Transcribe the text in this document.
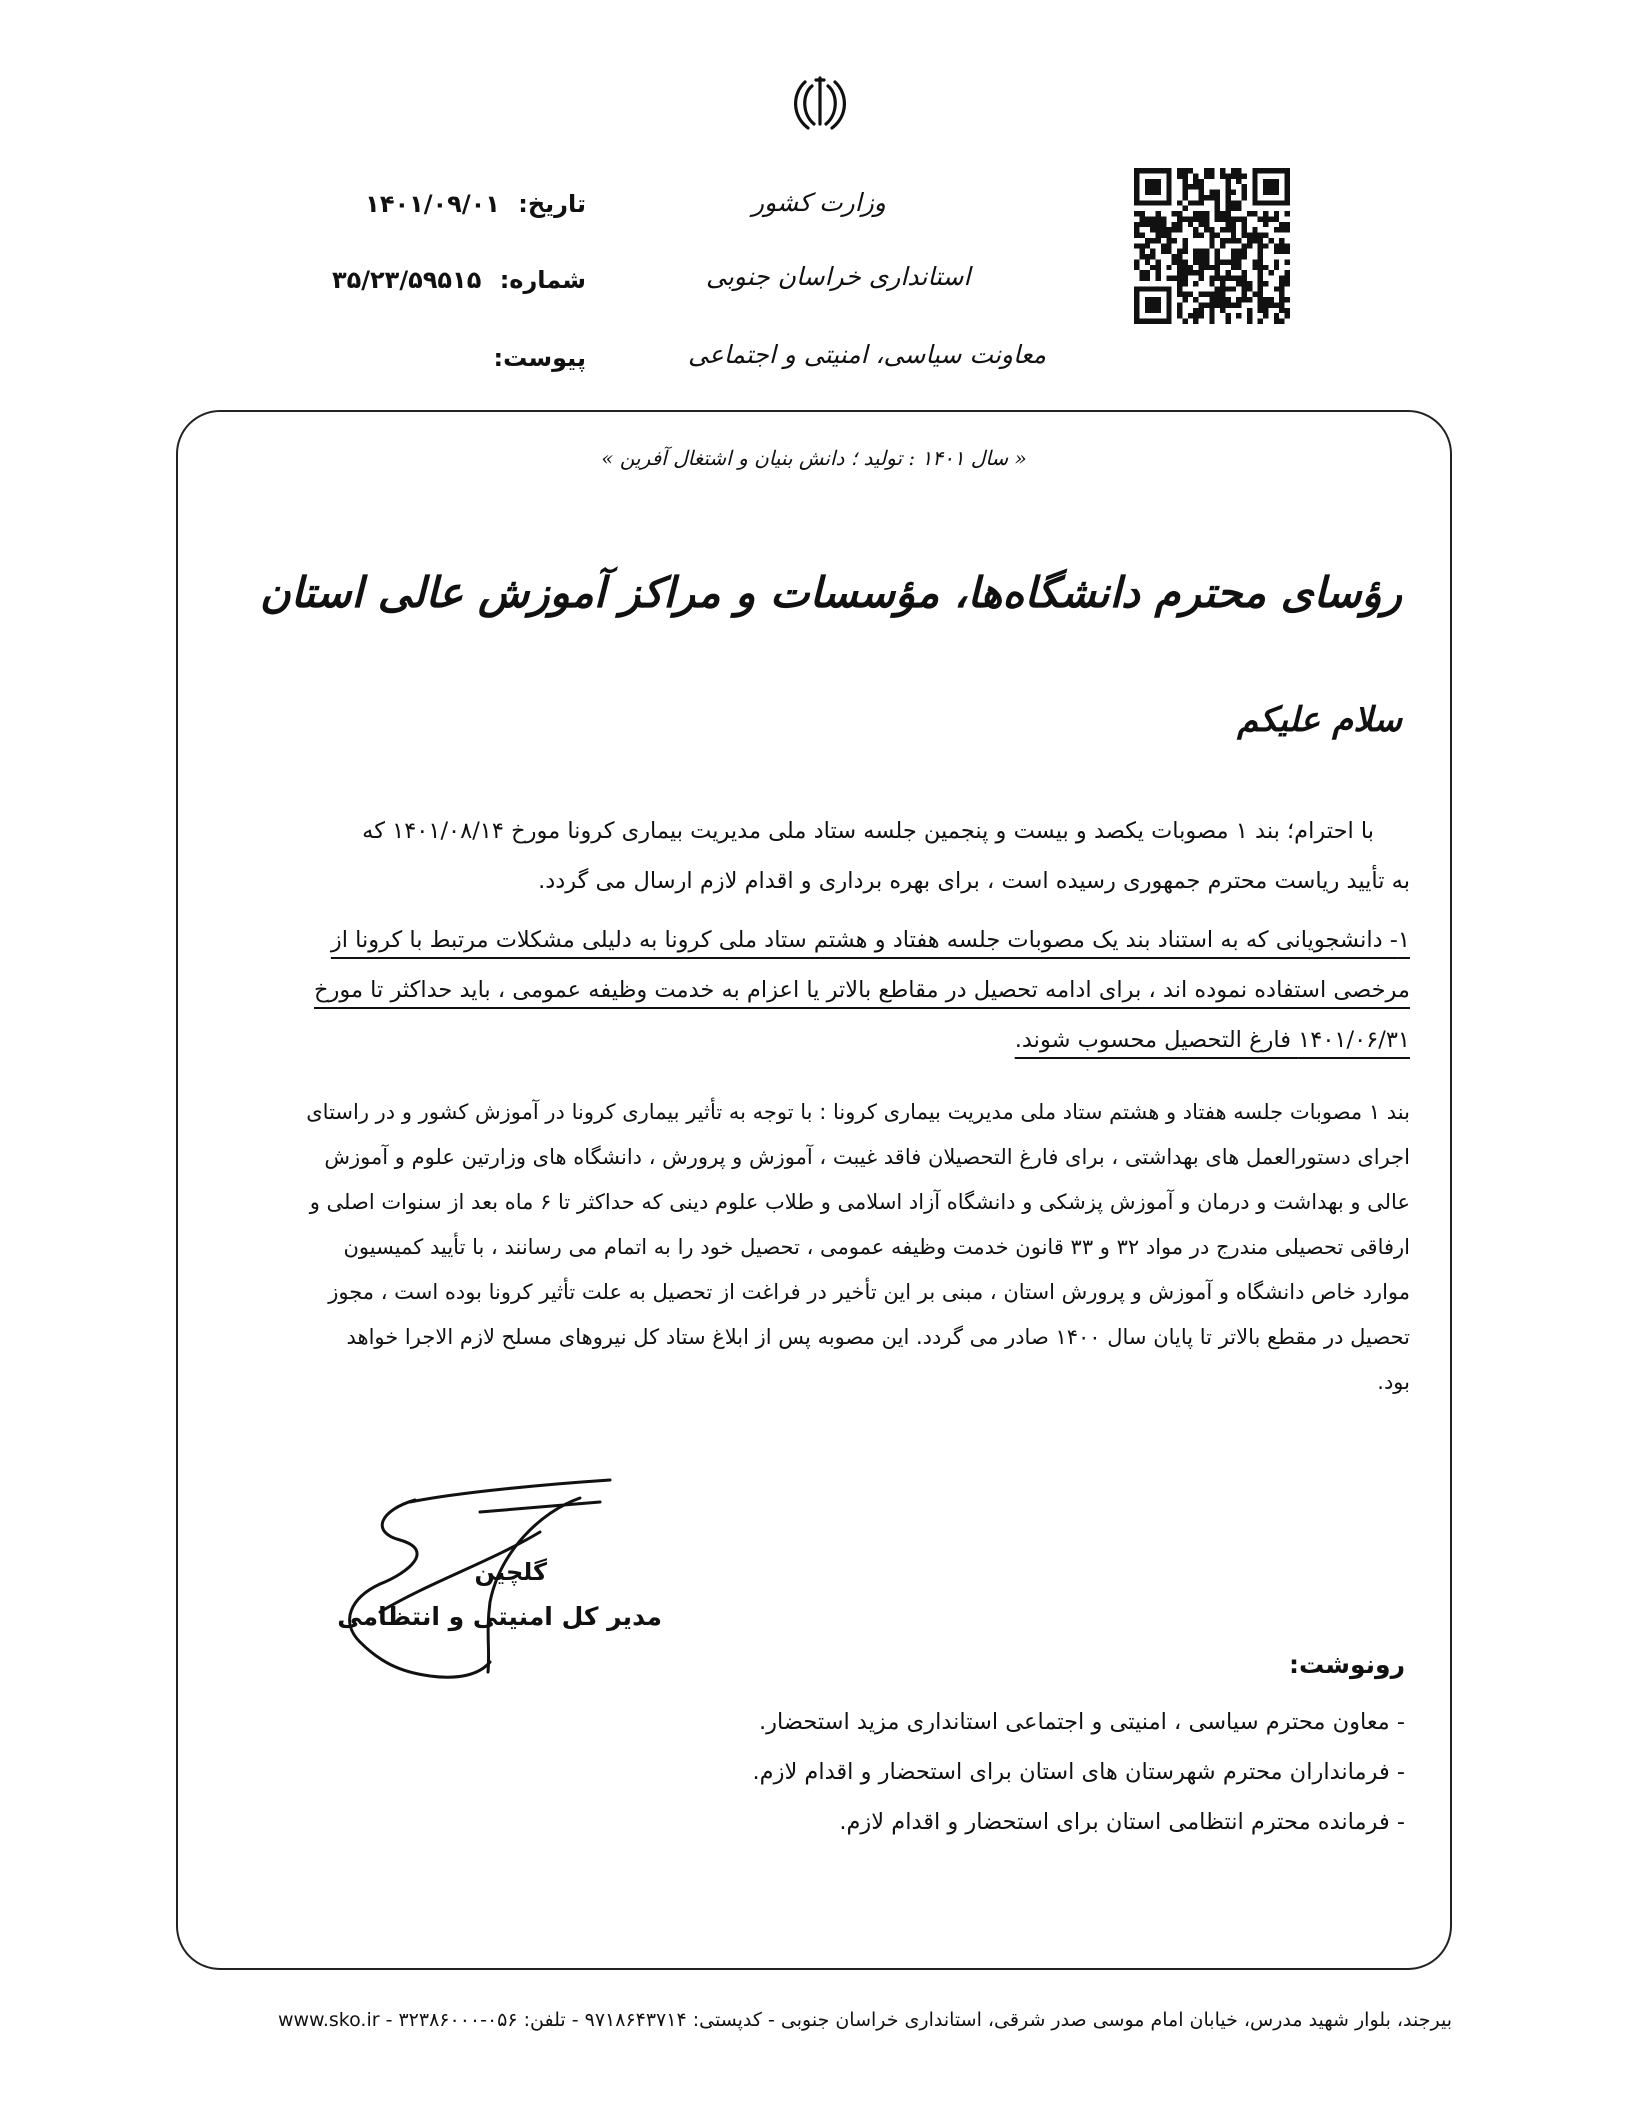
وزارت کشور
استانداری خراسان جنوبی
معاونت سیاسی، امنیتی و اجتماعی
تاریخ: ۱۴۰۱/۰۹/۰۱
شماره: ۳۵/۲۳/۵۹۵۱۵
پیوست:
« سال ۱۴۰۱ : تولید ؛ دانش بنیان و اشتغال آفرین »
رؤسای محترم دانشگاه‌ها، مؤسسات و مراکز آموزش عالی استان
سلام علیکم
با احترام؛ بند ۱ مصوبات یکصد و بیست و پنجمین جلسه ستاد ملی مدیریت بیماری کرونا مورخ ۱۴۰۱/۰۸/۱۴ که
به تأیید ریاست محترم جمهوری رسیده است ، برای بهره برداری و اقدام لازم ارسال می گردد.
۱- دانشجویانی که به استناد بند یک مصوبات جلسه هفتاد و هشتم ستاد ملی کرونا به دلیلی مشکلات مرتبط با کرونا از
مرخصی استفاده نموده اند ، برای ادامه تحصیل در مقاطع بالاتر یا اعزام به خدمت وظیفه عمومی ، باید حداکثر تا مورخ
۱۴۰۱/۰۶/۳۱ فارغ التحصیل محسوب شوند.
بند ۱ مصوبات جلسه هفتاد و هشتم ستاد ملی مدیریت بیماری کرونا : با توجه به تأثیر بیماری کرونا در آموزش کشور و در راستای
اجرای دستورالعمل های بهداشتی ، برای فارغ التحصیلان فاقد غیبت ، آموزش و پرورش ، دانشگاه های وزارتین علوم و آموزش
عالی و بهداشت و درمان و آموزش پزشکی و دانشگاه آزاد اسلامی و طلاب علوم دینی که حداکثر تا ۶ ماه بعد از سنوات اصلی و
ارفاقی تحصیلی مندرج در مواد ۳۲ و ۳۳ قانون خدمت وظیفه عمومی ، تحصیل خود را به اتمام می رسانند ، با تأیید کمیسیون
موارد خاص دانشگاه و آموزش و پرورش استان ، مبنی بر این تأخیر در فراغت از تحصیل به علت تأثیر کرونا بوده است ، مجوز
تحصیل در مقطع بالاتر تا پایان سال ۱۴۰۰ صادر می گردد. این مصوبه پس از ابلاغ ستاد کل نیروهای مسلح لازم الاجرا خواهد
بود.
گلچین
مدیر کل امنیتی و انتظامی
رونوشت:
- معاون محترم سیاسی ، امنیتی و اجتماعی استانداری مزید استحضار.
- فرمانداران محترم شهرستان های استان برای استحضار و اقدام لازم.
- فرمانده محترم انتظامی استان برای استحضار و اقدام لازم.
بیرجند، بلوار شهید مدرس، خیابان امام موسی صدر شرقی، استانداری خراسان جنوبی - کدپستی: ۹۷۱۸۶۴۳۷۱۴ - تلفن: ۰۵۶-۳۲۳۸۶۰۰۰ - www.sko.ir
